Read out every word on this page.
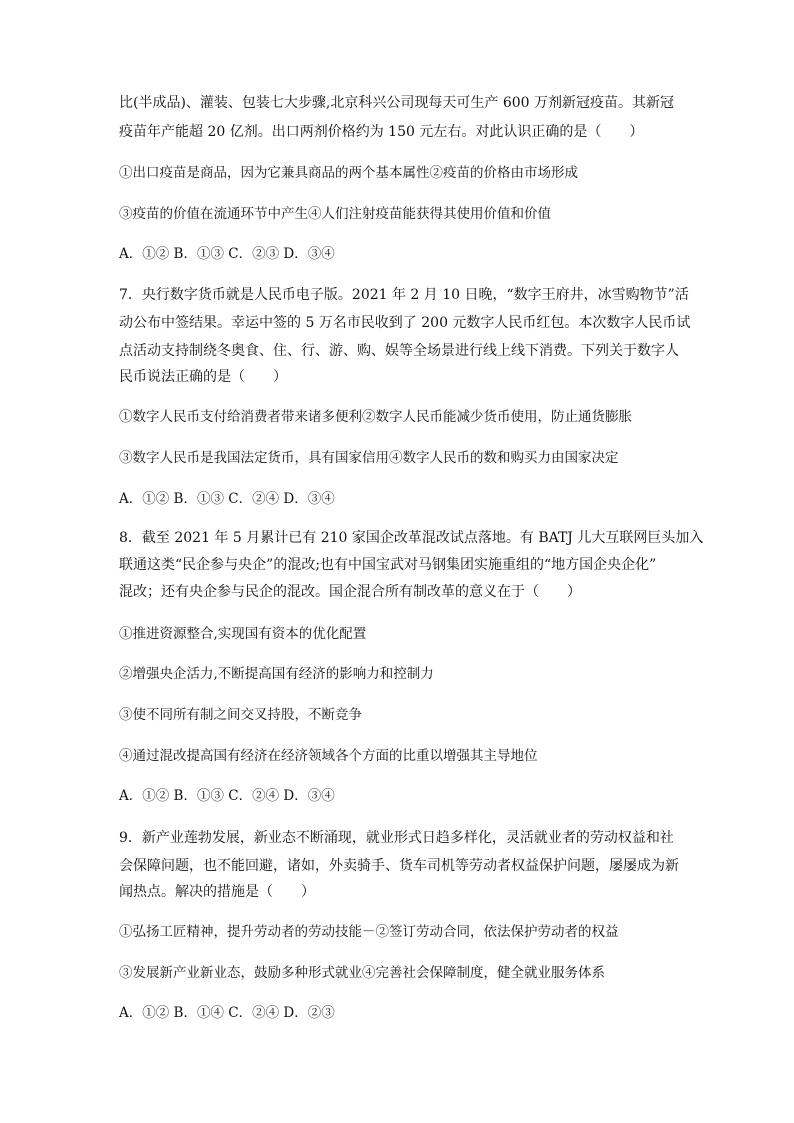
比(半成品)、灌装、包装七大步骤,北京科兴公司现每天可生产 600 万剂新冠疫苗。其新冠
疫苗年产能超 20 亿剂。出口两剂价格约为 150 元左右。对此认识正确的是（　　）
①出口疫苗是商品，因为它兼具商品的两个基本属性②疫苗的价格由市场形成
③疫苗的价值在流通环节中产生④人们注射疫苗能获得其使用价值和价值
A．①② B．①③ C．②③ D．③④
7．央行数字货币就是人民币电子版。2021 年 2 月 10 日晚，“数字王府井，冰雪购物节”活
动公布中签结果。幸运中签的 5 万名市民收到了 200 元数字人民币红包。本次数字人民币试
点活动支持制绕冬奥食、住、行、游、购、娱等全场景进行线上线下消费。下列关于数字人
民币说法正确的是（　　）
①数字人民币支付给消费者带来诸多便利②数字人民币能减少货币使用，防止通货膨胀
③数字人民币是我国法定货币，具有国家信用④数字人民币的数和购买力由国家决定
A．①② B．①③ C．②④ D．③④
8．截至 2021 年 5 月累计已有 210 家国企改革混改试点落地。有 BATJ 儿大互联网巨头加入
联通这类“民企参与央企”的混改;也有中国宝武对马钢集团实施重组的“地方国企央企化”
混改；还有央企参与民企的混改。国企混合所有制改革的意义在于（　　）
①推进资源整合,实现国有资本的优化配置
②增强央企活力,不断提高国有经济的影响力和控制力
③使不同所有制之间交叉持股，不断竞争
④通过混改提高国有经济在经济领域各个方面的比重以增强其主导地位
A．①② B．①③ C．②④ D．③④
9．新产业莲勃发展，新业态不断涌现，就业形式日趋多样化，灵活就业者的劳动权益和社
会保障问题，也不能回避，诸如，外卖骑手、货车司机等劳动者权益保护问题，屡屡成为新
闻热点。解决的措施是（　　）
①弘扬工匠精神，提升劳动者的劳动技能－②签订劳动合同，依法保护劳动者的权益
③发展新产业新业态，鼓励多种形式就业④完善社会保障制度，健全就业服务体系
A．①② B．①④ C．②④ D．②③
